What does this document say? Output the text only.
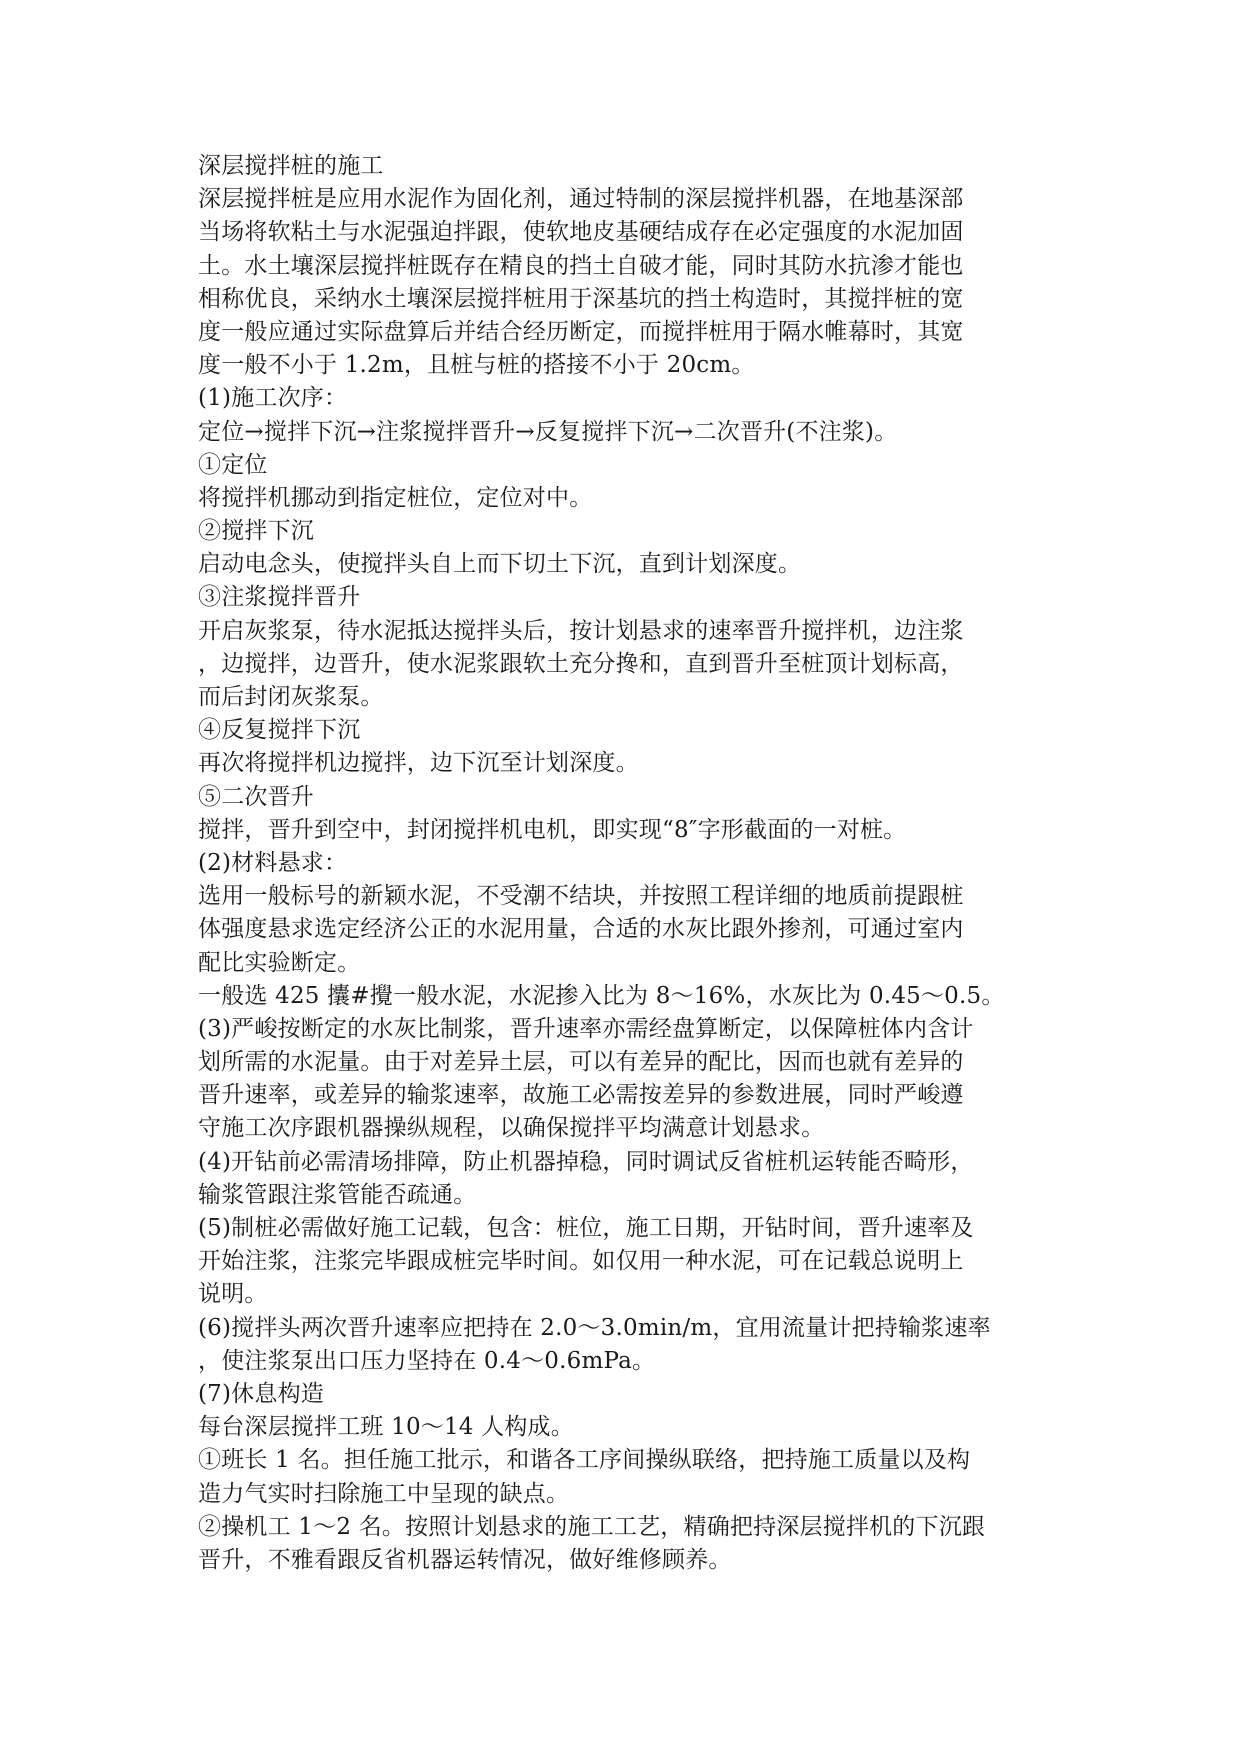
深层搅拌桩的施工
深层搅拌桩是应用水泥作为固化剂，通过特制的深层搅拌机器，在地基深部
当场将软粘土与水泥强迫拌跟，使软地皮基硬结成存在必定强度的水泥加固
土。水土壤深层搅拌桩既存在精良的挡土自破才能，同时其防水抗渗才能也
相称优良，采纳水土壤深层搅拌桩用于深基坑的挡土构造时，其搅拌桩的宽
度一般应通过实际盘算后并结合经历断定，而搅拌桩用于隔水帷幕时，其宽
度一般不小于 1.2m，且桩与桩的搭接不小于 20cm。
(1)施工次序：
定位→搅拌下沉→注浆搅拌晋升→反复搅拌下沉→二次晋升(不注浆)。
①定位
将搅拌机挪动到指定桩位，定位对中。
②搅拌下沉
启动电念头，使搅拌头自上而下切土下沉，直到计划深度。
③注浆搅拌晋升
开启灰浆泵，待水泥抵达搅拌头后，按计划悬求的速率晋升搅拌机，边注浆
，边搅拌，边晋升，使水泥浆跟软土充分搀和，直到晋升至桩顶计划标高，
而后封闭灰浆泵。
④反复搅拌下沉
再次将搅拌机边搅拌，边下沉至计划深度。
⑤二次晋升
搅拌，晋升到空中，封闭搅拌机电机，即实现“8″字形截面的一对桩。
(2)材料悬求：
选用一般标号的新颖水泥，不受潮不结块，并按照工程详细的地质前提跟桩
体强度悬求选定经济公正的水泥用量，合适的水灰比跟外掺剂，可通过室内
配比实验断定。
一般选 425 攮#攪一般水泥，水泥掺入比为 8～16%，水灰比为 0.45～0.5。
(3)严峻按断定的水灰比制浆，晋升速率亦需经盘算断定，以保障桩体内含计
划所需的水泥量。由于对差异土层，可以有差异的配比，因而也就有差异的
晋升速率，或差异的输浆速率，故施工必需按差异的参数进展，同时严峻遵
守施工次序跟机器操纵规程，以确保搅拌平均满意计划悬求。
(4)开钻前必需清场排障，防止机器掉稳，同时调试反省桩机运转能否畸形，
输浆管跟注浆管能否疏通。
(5)制桩必需做好施工记载，包含：桩位，施工日期，开钻时间，晋升速率及
开始注浆，注浆完毕跟成桩完毕时间。如仅用一种水泥，可在记载总说明上
说明。
(6)搅拌头两次晋升速率应把持在 2.0～3.0min/m，宜用流量计把持输浆速率
，使注浆泵出口压力坚持在 0.4～0.6mPa。
(7)休息构造
每台深层搅拌工班 10～14 人构成。
①班长 1 名。担任施工批示，和谐各工序间操纵联络，把持施工质量以及构
造力气实时扫除施工中呈现的缺点。
②操机工 1～2 名。按照计划悬求的施工工艺，精确把持深层搅拌机的下沉跟
晋升，不雅看跟反省机器运转情况，做好维修顾养。
